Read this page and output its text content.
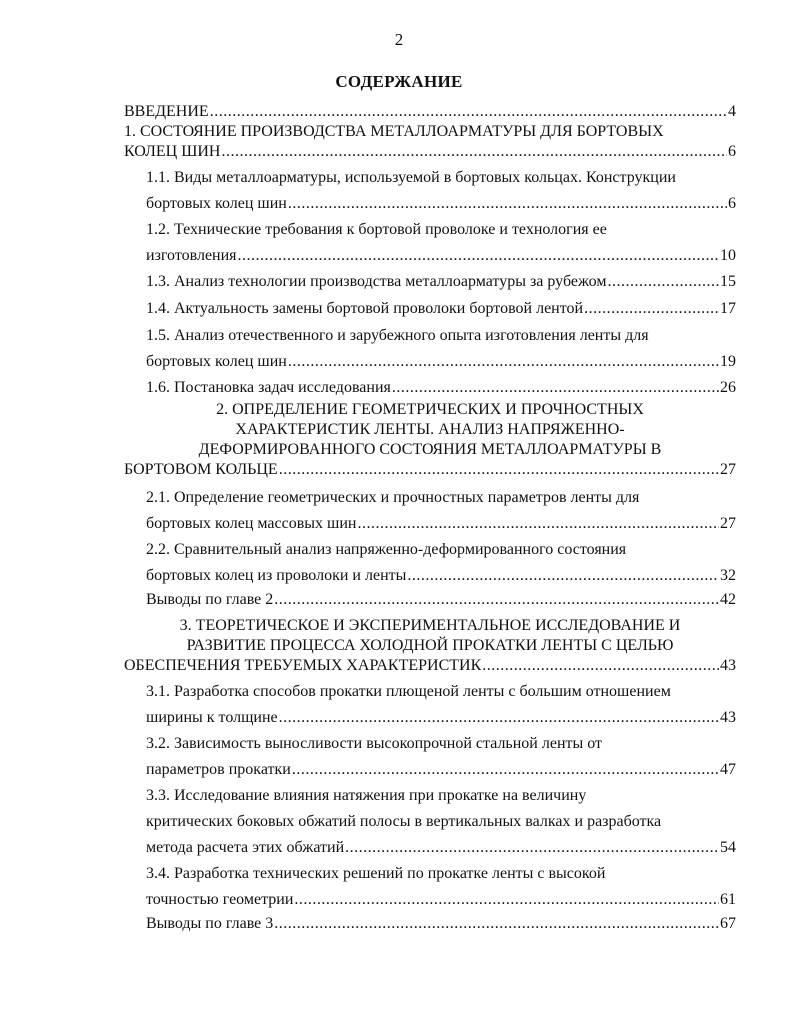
2
СОДЕРЖАНИЕ
ВВЕДЕНИЕ .....	4
1. СОСТОЯНИЕ ПРОИЗВОДСТВА МЕТАЛЛОАРМАТУРЫ ДЛЯ БОРТОВЫХ
КОЛЕЦ ШИН .....	6
1.1. Виды металлоарматуры, используемой в бортовых кольцах. Конструкции
бортовых колец шин .....	6
1.2. Технические требования к бортовой проволоке и технология ее
изготовления .....	10
1.3. Анализ технологии производства металлоарматуры за рубежом .....	15
1.4. Актуальность замены бортовой проволоки бортовой лентой .....	17
1.5. Анализ отечественного и зарубежного опыта изготовления ленты для
бортовых колец шин .....	19
1.6. Постановка задач исследования .....	26
2. ОПРЕДЕЛЕНИЕ ГЕОМЕТРИЧЕСКИХ И ПРОЧНОСТНЫХ
ХАРАКТЕРИСТИК ЛЕНТЫ. АНАЛИЗ НАПРЯЖЕННО-
ДЕФОРМИРОВАННОГО СОСТОЯНИЯ МЕТАЛЛОАРМАТУРЫ В
БОРТОВОМ КОЛЬЦЕ .....	27
2.1. Определение геометрических и прочностных параметров ленты для
бортовых колец массовых шин .....	27
2.2. Сравнительный анализ напряженно-деформированного состояния
бортовых колец из проволоки и ленты .....	32
Выводы по главе 2 .....	42
3. ТЕОРЕТИЧЕСКОЕ И ЭКСПЕРИМЕНТАЛЬНОЕ ИССЛЕДОВАНИЕ И
РАЗВИТИЕ ПРОЦЕССА ХОЛОДНОЙ ПРОКАТКИ ЛЕНТЫ С ЦЕЛЬЮ
ОБЕСПЕЧЕНИЯ ТРЕБУЕМЫХ ХАРАКТЕРИСТИК .....	43
3.1. Разработка способов прокатки плющеной ленты с большим отношением
ширины к толщине .....	43
3.2. Зависимость выносливости высокопрочной стальной ленты от
параметров прокатки .....	47
3.3. Исследование влияния натяжения при прокатке на величину
критических боковых обжатий полосы в вертикальных валках и разработка
метода расчета этих обжатий .....	54
3.4. Разработка технических решений по прокатке ленты с высокой
точностью геометрии .....	61
Выводы по главе 3 .....	67
